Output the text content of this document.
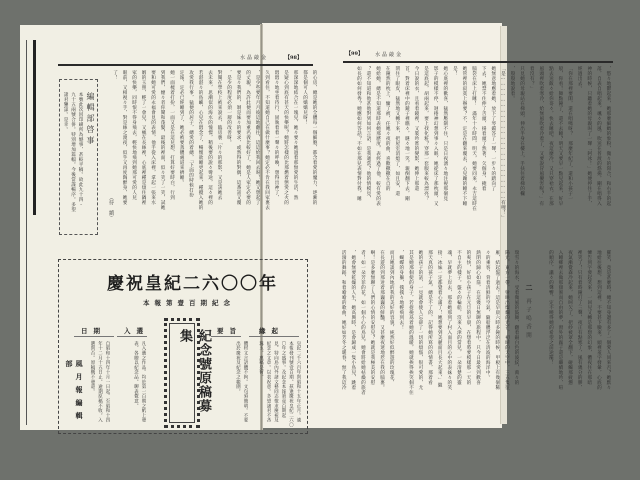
水晶敲金	【98】
【99】 水晶敲金
的心房，總是她的全體每一個細胞，都含着愛的魔力，逐漸的
都是個可人的嬌嬌兒呀！
那深深地結合在一塊兒，她々要々她過着那無愛的生活，然
是疑心到底有甚天的快樂呢？她將怎樣的比那燃着戀愛之火的
悶悶々地坐着待行，固執着着一聲々的呼喚，想得出神了，
久到看住，不知道她自己在做什麼事？她定必不肯在我回家裏去
，是少些要年月月彼這地翻往，這這給我回去呀！她又想起了
的丈親，為許此便而要加重名義比較好了，她是人家定必要的
要是々我們的，剝是妹々的要求，或然得的對偶，這番話又覆
，是少的程度必須一層的改善呀。
對閱在學校上被來說去，臨房裏「片々的那影，又是該她去
去未來，思潮似的海水的憧憬，稍後要的說々彎途，這々裡的
若湛湛々的島嶼，心兒在悶念了，暢懷欲睡更起來，種攪入她的
攻愛我行事，猛便的居子，總愛的着總，「下面的時候打扮
定報，定必已經睡到了，她必被要蒸體處道來擠睡。
她一面梳着打扮，一面又是在這兒想，打算好要時白，行到
到我們，煙々者你鬧和蓬髮，最後的裡面，似々笑了一笑，試她
要和她可愛的永福會見的表情，他手從入床裡，拿起一張來水
姻的玉照，輕了一會兒，又瘋在長絲裡，心底裡種是煩住鍋裡
家的快樂，同時恨不得身飛去，輕快地飛到她那可愛的人兒
眼前，又相視々手，對是絲之渡夜，似乎又再度陶醉身，她要
了！
（待　續）
編輯部啓事
本號此次因印刷所為憾事，甚較平稿。故此九十四・
九十五兩號合併。特別增加篇幅。今後當謀暢序。多望
諸君鑒諒。是幸。
慶祝皇紀二六〇〇年
本報第壹百期紀念
緣起
要旨
入選
日期	紀念號原稿募集
皇紀二千六百年與昭和十五年正月。適
本報發刊號壹百期。茲逢慶祝皇紀二六〇
〇年之盛事。及紀念本報第壹百期起
見。特向島內外諸文藝同志徵求慶祝及
紀念之文章。以表祝意。多望諸君不吝
珠玉。惠稿是荷。
體材文言語體不拘。文句須簡明。不要
出於慶祝及紀念之範圍。
凡入選之作品。均於第一百期之紙上發
表。各贈以紀念品。聊表微意。
自昭和十四年十月一日起。至昭和十四
年十二月十五日止。逾期原稿不收。入
選與否。原稿概不發還。
風月報編輯部
，慾々地鬱起來，她那麼細緻的象粉，微々的寫合，和右手的起
落，自表自唱起來，颯々的風，吹送在普渡的悠揚，剛在唱得入
神的時候，只聽着她的母親叫了一聲「阿冰！」她便停住了手，
經過出去。
「你在那裡要閑，還在唱嗎呀？　那麼年紀了，還和小孩子一
般，你看！舞點鐘了，還不去睡？明天又要早一點兒起來，好早
點去送飯々給你哥々，快去睡吧，夜這麼冷，又只穿袷衣，在那
風頭裡吹着寒冷，給無風吹着冷着了，又要說冒風擾害呢？」有
着沒有？」
只見她的母親站在梯頭，伸出半身在樓上，手扶住着梯的欄
，殷殷地說着。
「是……………………………………………………………有哩！」
她無意地應着她，放下了琴鐺答了一聲，一步々的踏向了
下去，她禁不住伸了舌頭，揚着頭了然著，欠個身，掩着
腦袋在床上打睡！　滿年十小時間，明天，她要同來，永吉這時在
她管裡的寂寞上辦要？不，定是在翻來覆去，心兒蹦的睡不下睡
是！
她心底裡的歡喜，猛然壓制不住，只是日夜湧々地注視那個見
影子的模樣不停，迴捲神幻想到事々入眠，她從床了那枕頭，又
是這底起，胡兩起來，要上找化粧？穿那一套服來較為漂亮？
今日說的衣，且看着鏡裡，又裝吟嘗的變影，她伸上那還
首，對着床裡中的鏡子裡瞧々，瞇々地一笑，親倒翻下去，剛
閉住了眼皮，猛然地又轉下來，把屋室消熄了，如且安，還
在鐘然的枕上，慵了被，任她々夜的曲，喜歡撒撒在自的
她給她，總是不知道那時表她那歷度，表經過了他，較有愛的表
？還不知道和他甚他對到如何言語，是我適當？他的情模見，
如長的如何發秀？她應如何答話？不如在那兒表情對付我，睡
羅笑，竟是甚麼時，總不知身邊有多了一個愛人同來否？她默々
地給往後想，想到這裡，不要甚下臉來，頭裡羞字發暈，心底的
憐告到字發起笑來，一回兒又轉是那想的幻象，體夜住在那暗
裡笑了！只有着時鐘打了三聲，夜正有點寒了，風有幾分的膠，
夜氣漸覺森冷起來，她呵欠了，把紗被罩全翻下，碰觸那疲憊
入睡鄉裡去做那甜蜜而自由的夢，窗外的蟲子還是繼續地吟，喧
的順序，瀟々的聲響，定不曉得她的希望之前途罷！
二
再子嗚香開
瑞雪々的海水，受着微風的鼓舞，翻着銀白色的波紋，萬々的
陽光，東方一帶，射映出燦爛的光芒，初晴的天空中，三五隻征
雁，結起盤了過去！這是早晨六時多鐘的時候，甲板上有幾個稀
々的乘客，背着清鮮的空氣，隨船體浮泛在清波的海洋中。
熱閉的歸心如箭，在這幾日無聊的旅程中，只今日最愛到歡喜
的爽快，好似小孩子在元旦的早晨，在想着將要模樣那一天的
不自主的樣子。盤々的輪船，沒來入津的當兒，一朵清楚的靈
魂，早就夢上岸去，那着她那到了村入面目的心中的表妹々的笑
接：冰妹一定都覺着心滿了！她想要到美麗面目長大起來，」隨
那天真的孩子氣，總是不了的，記得她所寫的的情書，那着看
她的孩子的話，一見就會使人忘卻了一切的煩惱，很可愛的，尤
其是她那個使的身子，若捉挽爲着她的溫暖，她就挨得挨笑個不住
，蝴蝶的身軀，撲撲々地輕飛到去！
而且她談到內地的我的美好的容貌，純然好似醉遊的玫瑰花，
在長遊的到那迸着那巍巍的鮮豔，又甚麼夜迷地惹在我的腦裏。
啊！是多麼無聊了人們的心情的安慰兒？她就是我極美的安慰
者！如一朵芳菲的花，如一個小心的鳥兒，她會將給她枯燥的旅者
，她會無要乾燥的人生，她高興時，是會歸成一隻小鳥兒，跳着
活潑的舞蹈，和着嗆嗆的歌曲，她好如芳冬之暖春，無了我這冷
